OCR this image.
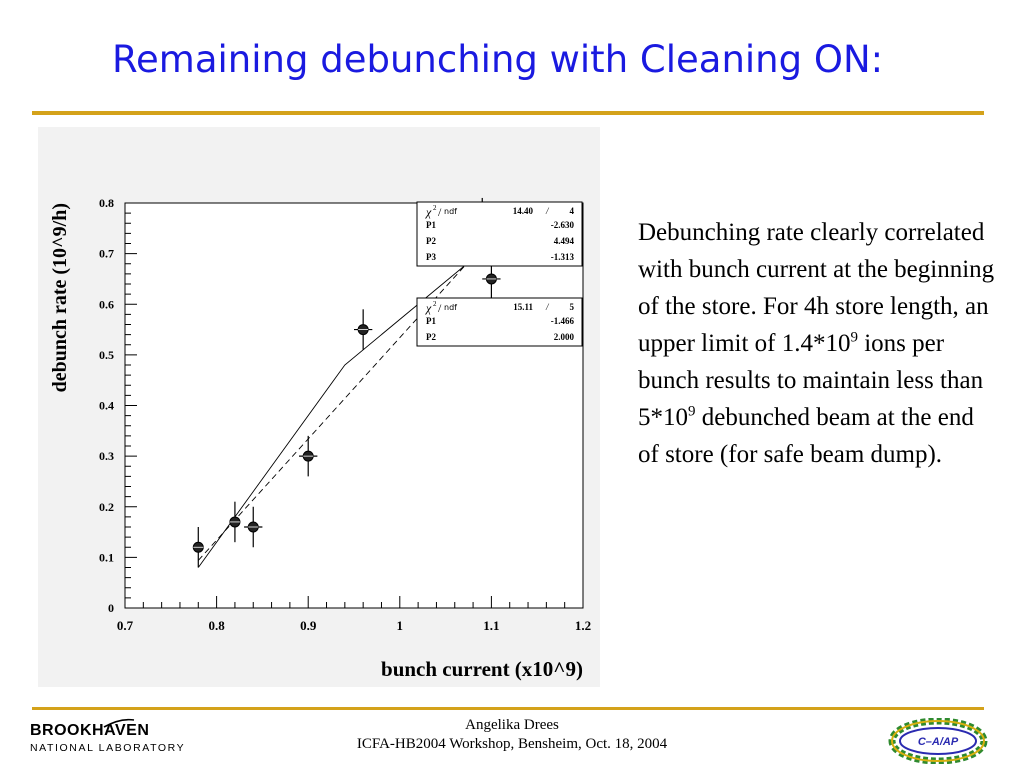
Remaining debunching with Cleaning ON:
0.7	0.8	0.9	1	1.1	1.2
0
0.1
0.2
0.3
0.4
0.5
0.6
0.7
0.8
bunch current (x10^9)
debunch rate (10^9/h)	χ 2 / ndf	14.40 / 4
P1	-2.630
P2	4.494
P3	-1.313
χ 2 / ndf	15.11 / 5
P1	-1.466
P2	2.000

Debunching rate clearly correlated with bunch current at the beginning of the store. For 4h store length, an upper limit of $1.4*10^9$ ions per bunch results to maintain less than $5*10^9$ debunched beam at the end of store (for safe beam dump).

BROOKHAVEN
NATIONAL LABORATORY
Angelika Drees
ICFA-HB2004 Workshop, Bensheim, Oct. 18, 2004	C–A/AP
